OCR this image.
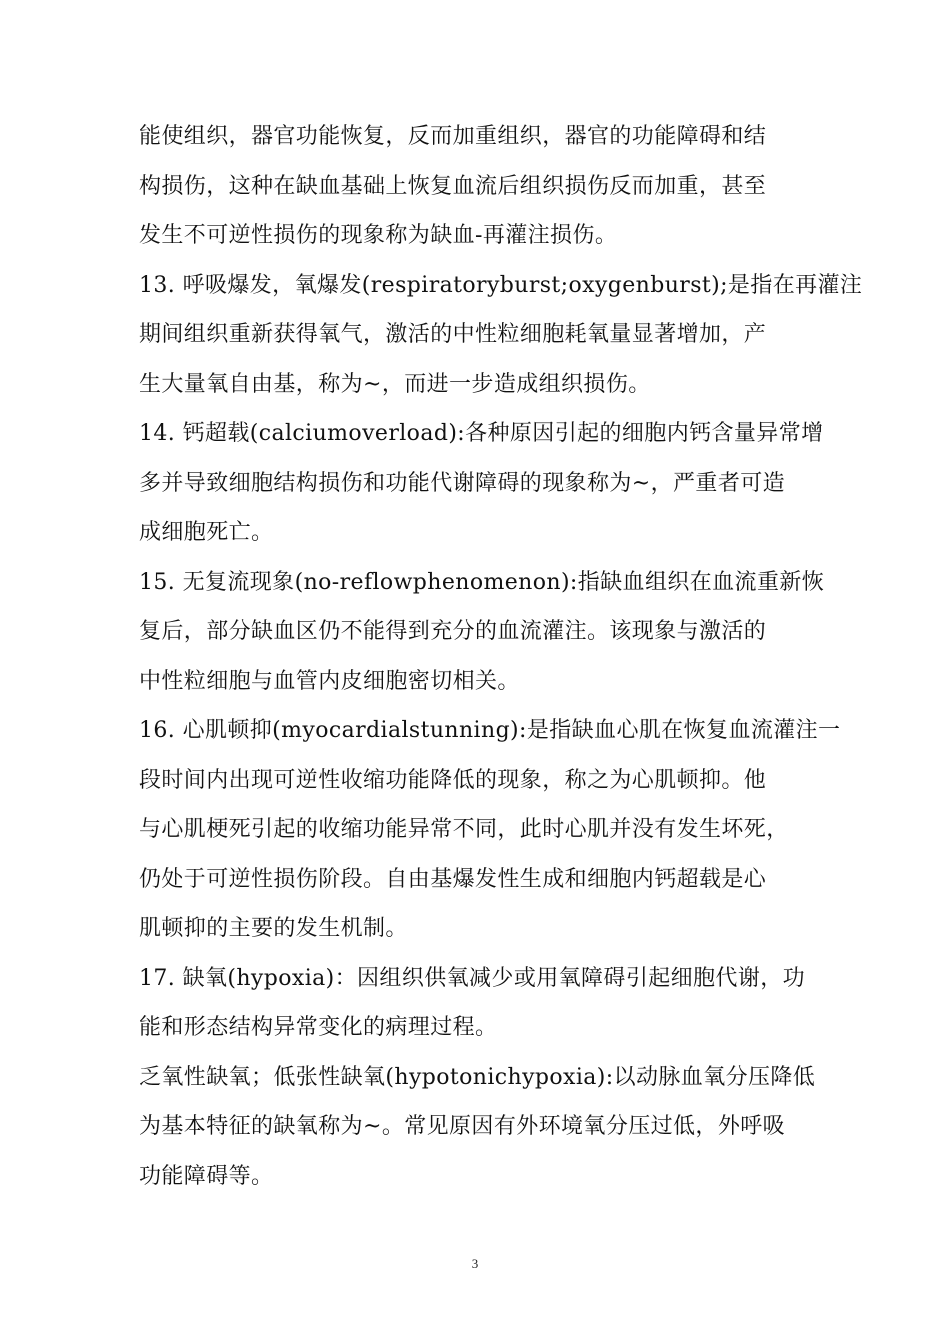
能使组织，器官功能恢复，反而加重组织，器官的功能障碍和结
构损伤，这种在缺血基础上恢复血流后组织损伤反而加重，甚至
发生不可逆性损伤的现象称为缺血-再灌注损伤。
13. 呼吸爆发，氧爆发(respiratoryburst;oxygenburst);是指在再灌注
期间组织重新获得氧气，激活的中性粒细胞耗氧量显著增加，产
生大量氧自由基，称为~，而进一步造成组织损伤。
14. 钙超载(calciumoverload):各种原因引起的细胞内钙含量异常增
多并导致细胞结构损伤和功能代谢障碍的现象称为~，严重者可造
成细胞死亡。
15. 无复流现象(no-reflowphenomenon):指缺血组织在血流重新恢
复后，部分缺血区仍不能得到充分的血流灌注。该现象与激活的
中性粒细胞与血管内皮细胞密切相关。
16. 心肌顿抑(myocardialstunning):是指缺血心肌在恢复血流灌注一
段时间内出现可逆性收缩功能降低的现象，称之为心肌顿抑。他
与心肌梗死引起的收缩功能异常不同，此时心肌并没有发生坏死，
仍处于可逆性损伤阶段。自由基爆发性生成和细胞内钙超载是心
肌顿抑的主要的发生机制。
17. 缺氧(hypoxia)：因组织供氧减少或用氧障碍引起细胞代谢，功
能和形态结构异常变化的病理过程。
乏氧性缺氧；低张性缺氧(hypotonichypoxia):以动脉血氧分压降低
为基本特征的缺氧称为~。常见原因有外环境氧分压过低，外呼吸
功能障碍等。
3
